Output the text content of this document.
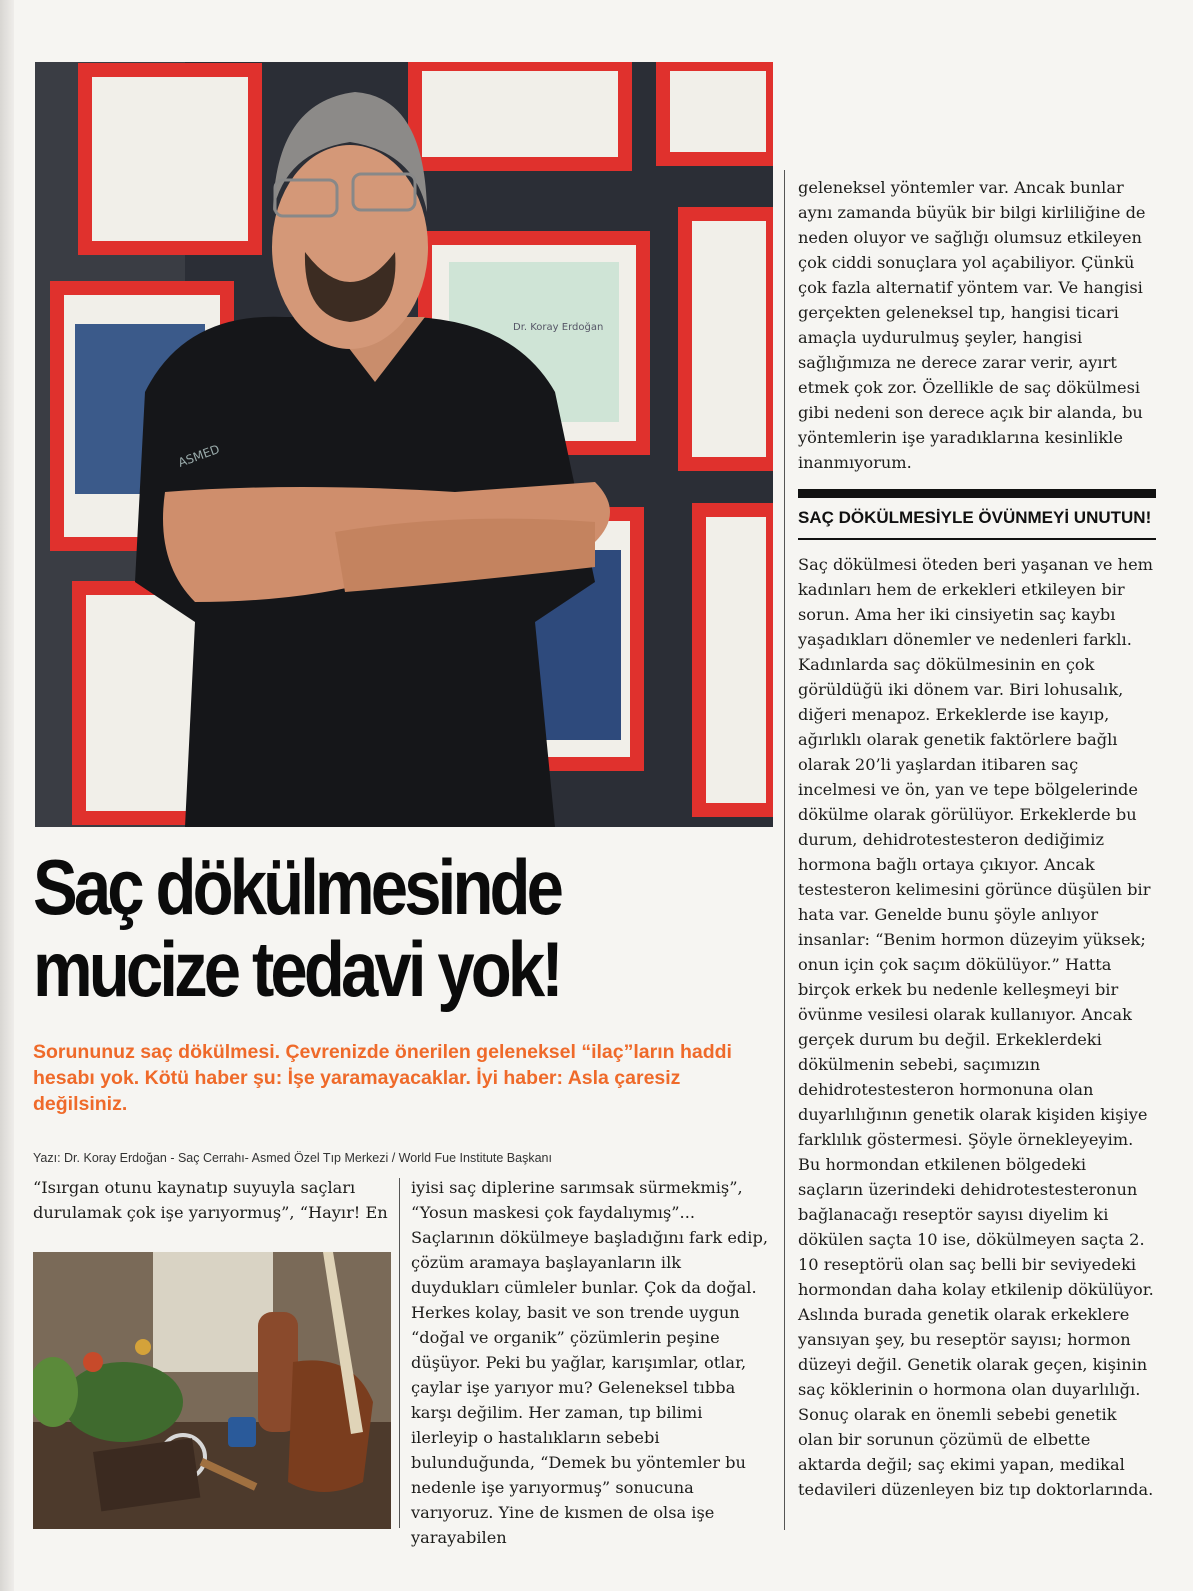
Dr. Koray Erdoğan
ASMED

geleneksel yöntemler var. Ancak bunlar aynı zamanda büyük bir bilgi kirliliğine de neden oluyor ve sağlığı olumsuz etkileyen çok ciddi sonuçlara yol açabiliyor. Çünkü çok fazla alternatif yöntem var. Ve hangisi gerçekten geleneksel tıp, hangisi ticari amaçla uydurulmuş şeyler, hangisi sağlığımıza ne derece zarar verir, ayırt etmek çok zor. Özellikle de saç dökülmesi gibi nedeni son derece açık bir alanda, bu yöntemlerin işe yaradıklarına kesinlikle inanmıyorum.

SAÇ DÖKÜLMESİYLE ÖVÜNMEYİ UNUTUN!

Saç dökülmesi öteden beri yaşanan ve hem kadınları hem de erkekleri etkileyen bir sorun. Ama her iki cinsiyetin saç kaybı yaşadıkları dönemler ve nedenleri farklı. Kadınlarda saç dökülmesinin en çok görüldüğü iki dönem var. Biri lohusalık, diğeri menapoz. Erkeklerde ise kayıp, ağırlıklı olarak genetik faktörlere bağlı olarak 20’li yaşlardan itibaren saç incelmesi ve ön, yan ve tepe bölgelerinde dökülme olarak görülüyor. Erkeklerde bu durum, dehidrotestesteron dediğimiz hormona bağlı ortaya çıkıyor. Ancak testesteron kelimesini görünce düşülen bir hata var. Genelde bunu şöyle anlıyor insanlar: “Benim hormon düzeyim yüksek; onun için çok saçım dökülüyor.” Hatta birçok erkek bu nedenle kelleşmeyi bir övünme vesilesi olarak kullanıyor. Ancak gerçek durum bu değil. Erkeklerdeki dökülmenin sebebi, saçımızın dehidrotestesteron hormonuna olan duyarlılığının genetik olarak kişiden kişiye farklılık göstermesi. Şöyle örnekleyeyim. Bu hormondan etkilenen bölgedeki saçların üzerindeki dehidrotestesteronun bağlanacağı reseptör sayısı diyelim ki dökülen saçta 10 ise, dökülmeyen saçta 2. 10 reseptörü olan saç belli bir seviyedeki hormondan daha kolay etkilenip dökülüyor. Aslında burada genetik olarak erkeklere yansıyan şey, bu reseptör sayısı; hormon düzeyi değil. Genetik olarak geçen, kişinin saç köklerinin o hormona olan duyarlılığı. Sonuç olarak en önemli sebebi genetik olan bir sorunun çözümü de elbette aktarda değil; saç ekimi yapan, medikal tedavileri düzenleyen biz tıp doktorlarında.

Saç dökülmesinde
mucize tedavi yok!

Sorununuz saç dökülmesi. Çevrenizde önerilen geleneksel “ilaç”ların haddi hesabı yok. Kötü haber şu: İşe yaramayacaklar. İyi haber: Asla çaresiz değilsiniz.

Yazı: Dr. Koray Erdoğan - Saç Cerrahı- Asmed Özel Tıp Merkezi / World Fue Institute Başkanı

“Isırgan otunu kaynatıp suyuyla saçları durulamak çok işe yarıyormuş”, “Hayır! En

iyisi saç diplerine sarımsak sürmekmiş”, “Yosun maskesi çok faydalıymış”... Saçlarının dökülmeye başladığını fark edip, çözüm aramaya başlayanların ilk duydukları cümleler bunlar. Çok da doğal. Herkes kolay, basit ve son trende uygun “doğal ve organik” çözümlerin peşine düşüyor. Peki bu yağlar, karışımlar, otlar, çaylar işe yarıyor mu? Geleneksel tıbba karşı değilim. Her zaman, tıp bilimi ilerleyip o hastalıkların sebebi bulunduğunda, “Demek bu yöntemler bu nedenle işe yarıyormuş” sonucuna varıyoruz. Yine de kısmen de olsa işe yarayabilen
